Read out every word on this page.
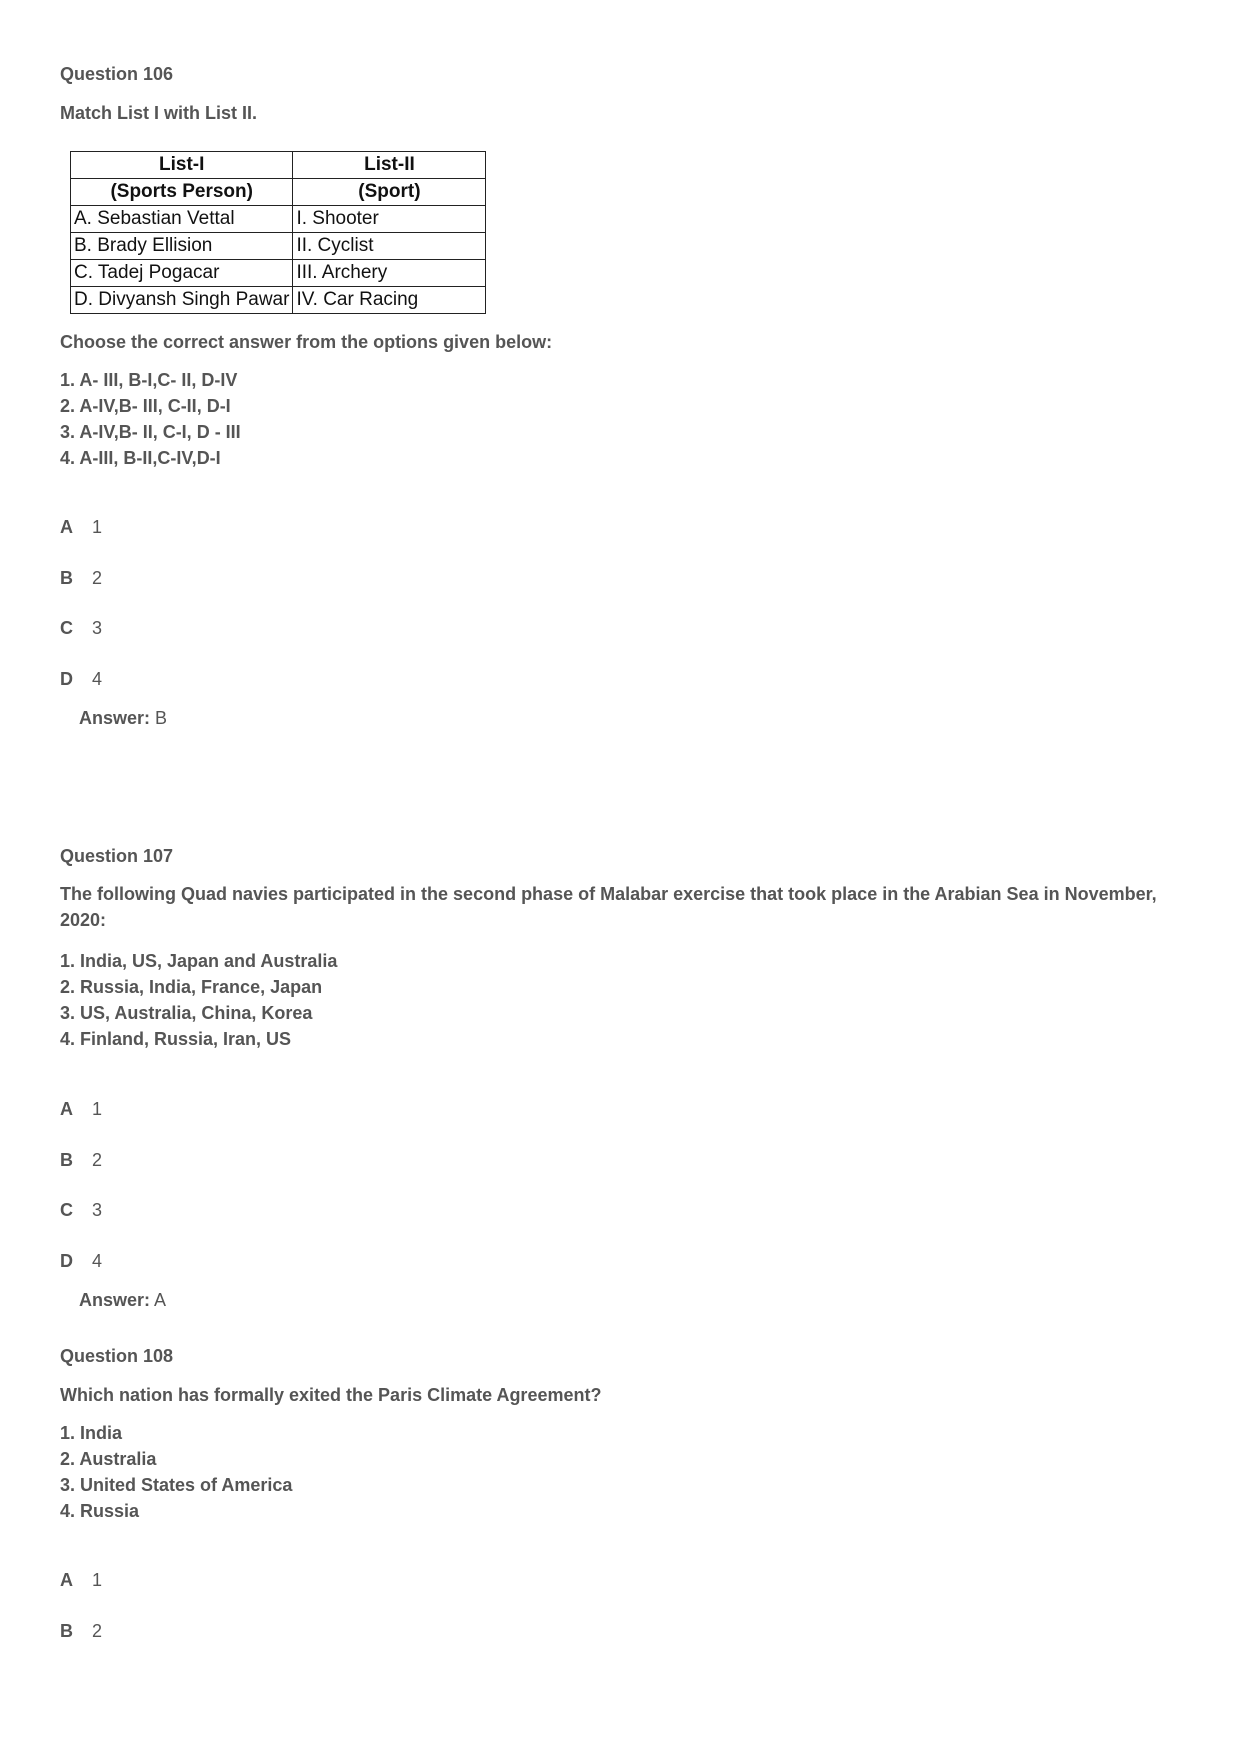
Question 106
Match List I with List II.
List-I	List-II
(Sports Person)	(Sport)
A. Sebastian Vettal	I. Shooter
B. Brady Ellision	II. Cyclist
C. Tadej Pogacar	III. Archery
D. Divyansh Singh Pawar	IV. Car Racing
Choose the correct answer from the options given below:
1. A- III, B-I,C- II, D-IV
2. A-IV,B- III, C-II, D-I
3. A-IV,B- II, C-I, D - III
4. A-III, B-II,C-IV,D-I
A	1
B	2
C	3
D	4
Answer: B
Question 107
The following Quad navies participated in the second phase of Malabar exercise that took place in the Arabian Sea in November, 2020:
1. India, US, Japan and Australia
2. Russia, India, France, Japan
3. US, Australia, China, Korea
4. Finland, Russia, Iran, US
A	1
B	2
C	3
D	4
Answer: A
Question 108
Which nation has formally exited the Paris Climate Agreement?
1. India
2. Australia
3. United States of America
4. Russia
A	1
B	2
